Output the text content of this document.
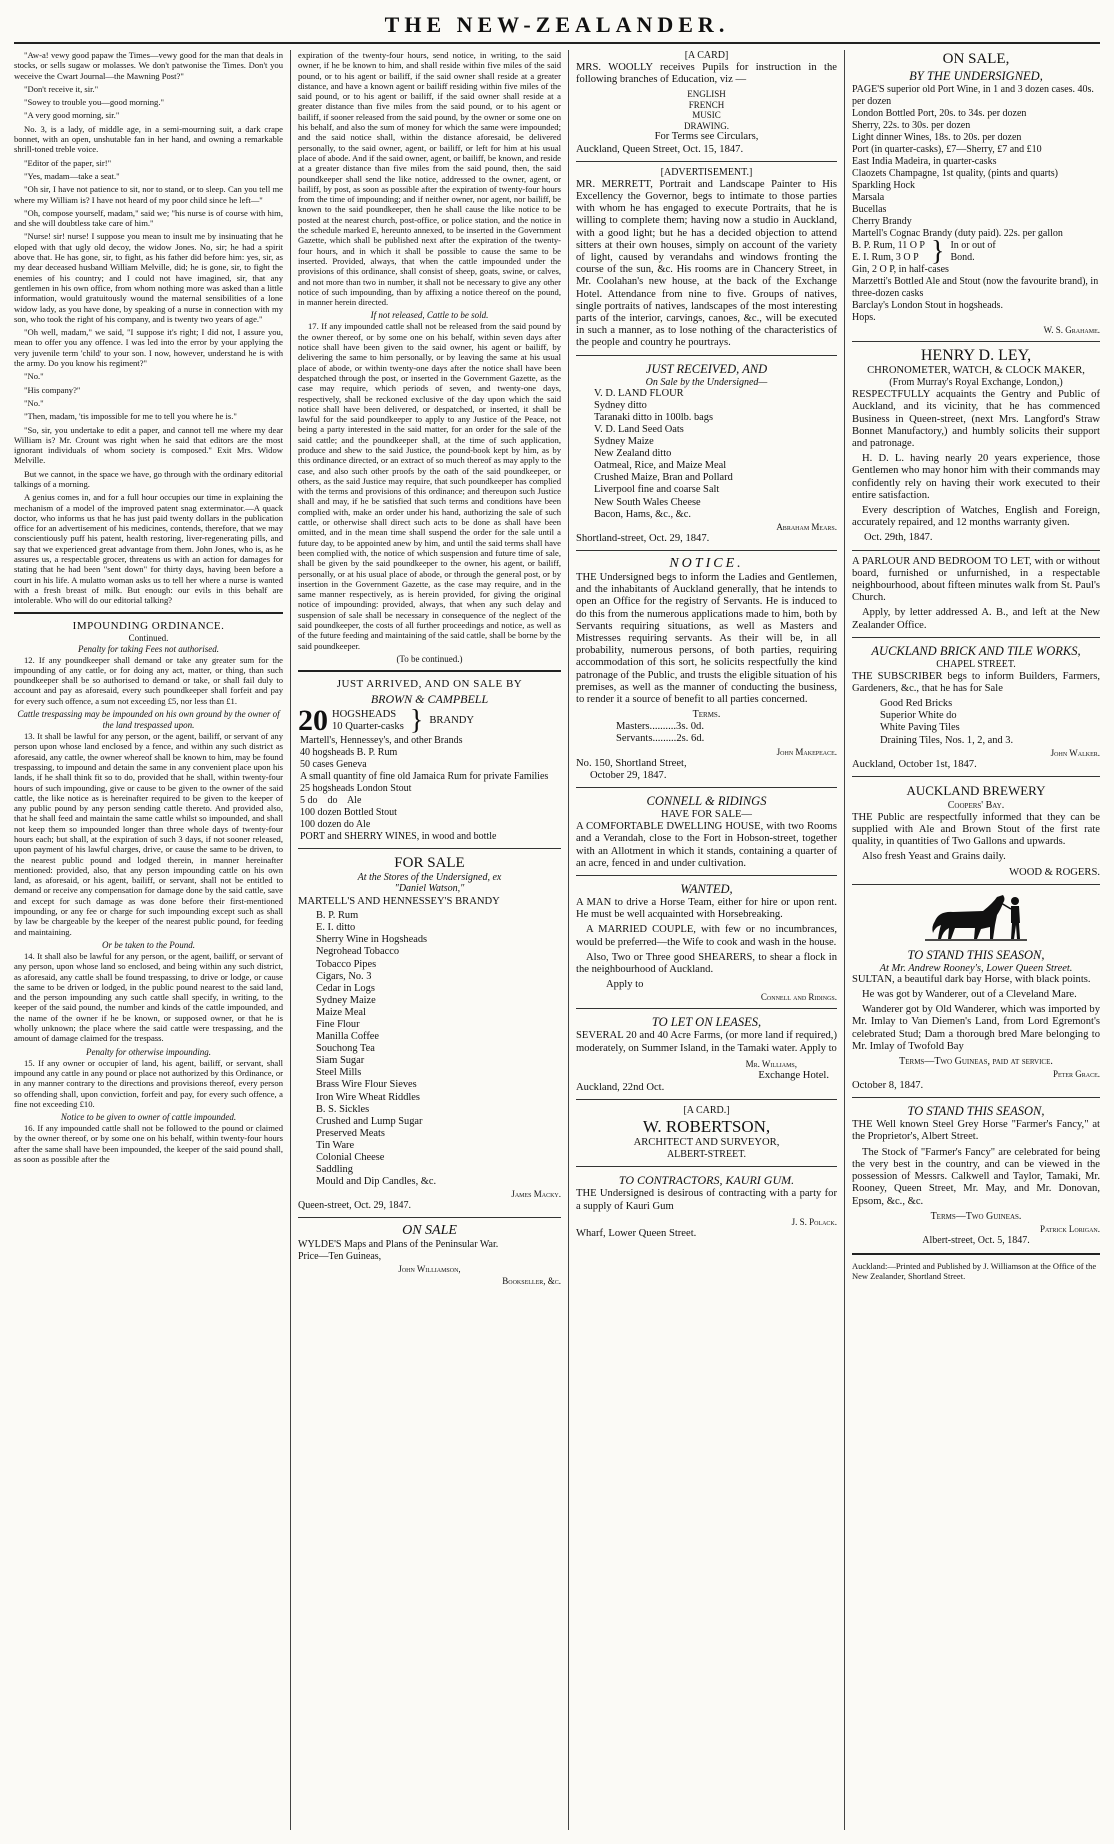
THE NEW-ZEALANDER.

"Aw-a! vewy good papaw the Times—vewy good for the man that deals in stocks, or sells sugaw or molasses. We don't patwonise the Times. Don't you weceive the Cwart Journal—the Mawning Post?"

"Don't receive it, sir."

"Sowey to trouble you—good morning."

"A very good morning, sir."

No. 3, is a lady, of middle age, in a semi-mourning suit, a dark crape bonnet, with an open, unshutable fan in her hand, and owning a remarkable shrill-toned treble voice.

"Editor of the paper, sir!"

"Yes, madam—take a seat."

"Oh sir, I have not patience to sit, nor to stand, or to sleep. Can you tell me where my William is? I have not heard of my poor child since he left—"

"Oh, compose yourself, madam," said we; "his nurse is of course with him, and she will doubtless take care of him."

"Nurse! sir! nurse! I suppose you mean to insult me by insinuating that he eloped with that ugly old decoy, the widow Jones. No, sir; he had a spirit above that. He has gone, sir, to fight, as his father did before him: yes, sir, as my dear deceased husband William Melville, did; he is gone, sir, to fight the enemies of his country; and I could not have imagined, sir, that any gentlemen in his own office, from whom nothing more was asked than a little information, would gratuitously wound the maternal sensibilities of a lone widow lady, as you have done, by speaking of a nurse in connection with my son, who took the right of his company, and is twenty two years of age."

"Oh well, madam," we said, "I suppose it's right; I did not, I assure you, mean to offer you any offence. I was led into the error by your applying the very juvenile term 'child' to your son. I now, however, understand he is with the army. Do you know his regiment?"

"No."

"His company?"

"No."

"Then, madam, 'tis impossible for me to tell you where he is."

"So, sir, you undertake to edit a paper, and cannot tell me where my dear William is? Mr. Crount was right when he said that editors are the most ignorant individuals of whom society is composed." Exit Mrs. Widow Melville.

But we cannot, in the space we have, go through with the ordinary editorial talkings of a morning.

A genius comes in, and for a full hour occupies our time in explaining the mechanism of a model of the improved patent snag exterminator.—A quack doctor, who informs us that he has just paid twenty dollars in the publication office for an advertisement of his medicines, contends, therefore, that we may conscientiously puff his patent, health restoring, liver-regenerating pills, and say that we experienced great advantage from them. John Jones, who is, as he assures us, a respectable grocer, threatens us with an action for damages for stating that he had been "sent down" for thirty days, having been before a court in his life. A mulatto woman asks us to tell her where a nurse is wanted with a fresh breast of milk. But enough: our evils in this behalf are intolerable. Who will do our editorial talking?

IMPOUNDING ORDINANCE.
Continued.
Penalty for taking Fees not authorised.

12. If any poundkeeper shall demand or take any greater sum for the impounding of any cattle, or for doing any act, matter, or thing, than such poundkeeper shall be so authorised to demand or take, or shall fail duly to account and pay as aforesaid, every such poundkeeper shall forfeit and pay for every such offence, a sum not exceeding £5, nor less than £1.

Cattle trespassing may be impounded on his own ground by the owner of the land trespassed upon.

13. It shall be lawful for any person, or the agent, bailiff, or servant of any person upon whose land enclosed by a fence, and within any such district as aforesaid, any cattle, the owner whereof shall be known to him, may be found trespassing, to impound and detain the same in any convenient place upon his lands, if he shall think fit so to do, provided that he shall, within twenty-four hours of such impounding, give or cause to be given to the owner of the said cattle, the like notice as is hereinafter required to be given to the keeper of any public pound by any person sending cattle thereto. And provided also, that he shall feed and maintain the same cattle whilst so impounded, and shall not keep them so impounded longer than three whole days of twenty-four hours each; but shall, at the expiration of such 3 days, if not sooner released, upon payment of his lawful charges, drive, or cause the same to be driven, to the nearest public pound and lodged therein, in manner hereinafter mentioned: provided, also, that any person impounding cattle on his own land, as aforesaid, or his agent, bailiff, or servant, shall not be entitled to demand or receive any compensation for damage done by the said cattle, save and except for such damage as was done before their first-mentioned impounding, or any fee or charge for such impounding except such as shall by law be chargeable by the keeper of the nearest public pound, for feeding and maintaining.

Or be taken to the Pound.

14. It shall also be lawful for any person, or the agent, bailiff, or servant of any person, upon whose land so enclosed, and being within any such district, as aforesaid, any cattle shall be found trespassing, to drive or lodge, or cause the same to be driven or lodged, in the public pound nearest to the said land, and the person impounding any such cattle shall specify, in writing, to the keeper of the said pound, the number and kinds of the cattle impounded, and the name of the owner if he be known, or supposed owner, or that he is wholly unknown; the place where the said cattle were trespassing, and the amount of damage claimed for the trespass.

Penalty for otherwise impounding.

15. If any owner or occupier of land, his agent, bailiff, or servant, shall impound any cattle in any pound or place not authorized by this Ordinance, or in any manner contrary to the directions and provisions thereof, every person so offending shall, upon conviction, forfeit and pay, for every such offence, a fine not exceeding £10.

Notice to be given to owner of cattle impounded.

16. If any impounded cattle shall not be followed to the pound or claimed by the owner thereof, or by some one on his behalf, within twenty-four hours after the same shall have been impounded, the keeper of the said pound shall, as soon as possible after the

expiration of the twenty-four hours, send notice, in writing, to the said owner, if he be known to him, and shall reside within five miles of the said pound, or to his agent or bailiff, if the said owner shall reside at a greater distance, and have a known agent or bailiff residing within five miles of the said pound, or to his agent or bailiff, if the said owner shall reside at a greater distance than five miles from the said pound, or to his agent or bailiff, if sooner released from the said pound, by the owner or some one on his behalf, and also the sum of money for which the same were impounded; and the said notice shall, within the distance aforesaid, be delivered personally, to the said owner, agent, or bailiff, or left for him at his usual place of abode. And if the said owner, agent, or bailiff, be known, and reside at a greater distance than five miles from the said pound, then, the said poundkeeper shall send the like notice, addressed to the owner, agent, or bailiff, by post, as soon as possible after the expiration of twenty-four hours from the time of impounding; and if neither owner, nor agent, nor bailiff, be known to the said poundkeeper, then he shall cause the like notice to be posted at the nearest church, post-office, or police station, and the notice in the schedule marked E, hereunto annexed, to be inserted in the Government Gazette, which shall be published next after the expiration of the twenty-four hours, and in which it shall be possible to cause the same to be inserted. Provided, always, that when the cattle impounded under the provisions of this ordinance, shall consist of sheep, goats, swine, or calves, and not more than two in number, it shall not be necessary to give any other notice of such impounding, than by affixing a notice thereof on the pound, in manner herein directed.

If not released, Cattle to be sold.

17. If any impounded cattle shall not be released from the said pound by the owner thereof, or by some one on his behalf, within seven days after notice shall have been given to the said owner, his agent or bailiff, by delivering the same to him personally, or by leaving the same at his usual place of abode, or within twenty-one days after the notice shall have been despatched through the post, or inserted in the Government Gazette, as the case may require, which periods of seven, and twenty-one days, respectively, shall be reckoned exclusive of the day upon which the said notice shall have been delivered, or despatched, or inserted, it shall be lawful for the said poundkeeper to apply to any Justice of the Peace, not being a party interested in the said matter, for an order for the sale of the said cattle; and the poundkeeper shall, at the time of such application, produce and shew to the said Justice, the pound-book kept by him, as by this ordinance directed, or an extract of so much thereof as may apply to the case, and also such other proofs by the oath of the said poundkeeper, or others, as the said Justice may require, that such poundkeeper has complied with the terms and provisions of this ordinance; and thereupon such Justice shall and may, if he be satisfied that such terms and conditions have been complied with, make an order under his hand, authorizing the sale of such cattle, or otherwise shall direct such acts to be done as shall have been omitted, and in the mean time shall suspend the order for the sale until a future day, to be appointed anew by him, and until the said terms shall have been complied with, the notice of which suspension and future time of sale, shall be given by the said poundkeeper to the owner, his agent, or bailiff, personally, or at his usual place of abode, or through the general post, or by insertion in the Government Gazette, as the case may require, and in the same manner respectively, as is herein provided, for giving the original notice of impounding: provided, always, that when any such delay and suspension of sale shall be necessary in consequence of the neglect of the said poundkeeper, the costs of all further proceedings and notice, as well as of the future feeding and maintaining of the said cattle, shall be borne by the said poundkeeper.

(To be continued.)
JUST ARRIVED, AND ON SALE BY
BROWN & CAMPBELL
20 HOGSHEADS
10 Quarter-casks } BRANDY
Martell's, Hennessey's, and other Brands
40 hogsheads B. P. Rum
50 cases Geneva
A small quantity of fine old Jamaica Rum for private Families
25 hogsheads London Stout
5 do    do    Ale
100 dozen Bottled Stout
100 dozen do Ale
PORT and SHERRY WINES, in wood and bottle
FOR SALE
At the Stores of the Undersigned, ex
"Daniel Watson,"
MARTELL'S AND HENNESSEY'S BRANDY
B. P. Rum
E. I. ditto
Sherry Wine in Hogsheads
Negrohead Tobacco
Tobacco Pipes
Cigars, No. 3
Cedar in Logs
Sydney Maize
Maize Meal
Fine Flour
Manilla Coffee
Souchong Tea
Siam Sugar
Steel Mills
Brass Wire Flour Sieves
Iron Wire Wheat Riddles
B. S. Sickles
Crushed and Lump Sugar
Preserved Meats
Tin Ware
Colonial Cheese
Saddling
Mould and Dip Candles, &c.
James Macky.
Queen-street, Oct. 29, 1847.
ON SALE
WYLDE'S Maps and Plans of the Peninsular War.
Price—Ten Guineas,
John Williamson,
Bookseller, &c.
[A CARD]

MRS. WOOLLY receives Pupils for instruction in the following branches of Education, viz —

ENGLISH
FRENCH
MUSIC
DRAWING.
For Terms see Circulars,
Auckland, Queen Street, Oct. 15, 1847.
[ADVERTISEMENT.]

MR. MERRETT, Portrait and Landscape Painter to His Excellency the Governor, begs to intimate to those parties with whom he has engaged to execute Portraits, that he is willing to complete them; having now a studio in Auckland, with a good light; but he has a decided objection to attend sitters at their own houses, simply on account of the variety of light, caused by verandahs and windows fronting the course of the sun, &c. His rooms are in Chancery Street, in Mr. Coolahan's new house, at the back of the Exchange Hotel. Attendance from nine to five. Groups of natives, single portraits of natives, landscapes of the most interesting parts of the interior, carvings, canoes, &c., will be executed in such a manner, as to lose nothing of the characteristics of the people and country he pourtrays.

JUST RECEIVED, AND
On Sale by the Undersigned—
V. D. LAND FLOUR
Sydney ditto
Taranaki ditto in 100lb. bags
V. D. Land Seed Oats
Sydney Maize
New Zealand ditto
Oatmeal, Rice, and Maize Meal
Crushed Maize, Bran and Pollard
Liverpool fine and coarse Salt
New South Wales Cheese
Bacon, Hams, &c., &c.
Abraham Mears.
Shortland-street, Oct. 29, 1847.
NOTICE.

THE Undersigned begs to inform the Ladies and Gentlemen, and the inhabitants of Auckland generally, that he intends to open an Office for the registry of Servants. He is induced to do this from the numerous applications made to him, both by Servants requiring situations, as well as Masters and Mistresses requiring servants. As their will be, in all probability, numerous persons, of both parties, requiring accommodation of this sort, he solicits respectfully the kind patronage of the Public, and trusts the eligible situation of his premises, as well as the manner of conducting the business, to render it a source of benefit to all parties concerned.

Terms.
Masters..........3s. 0d.
Servants.........2s. 6d.
John Makepeace.
No. 150, Shortland Street,
October 29, 1847.
CONNELL & RIDINGS
HAVE FOR SALE—

A COMFORTABLE DWELLING HOUSE, with two Rooms and a Verandah, close to the Fort in Hobson-street, together with an Allotment in which it stands, containing a quarter of an acre, fenced in and under cultivation.

WANTED,

A MAN to drive a Horse Team, either for hire or upon rent. He must be well acquainted with Horsebreaking.

A MARRIED COUPLE, with few or no incumbrances, would be preferred—the Wife to cook and wash in the house.

Also, Two or Three good SHEARERS, to shear a flock in the neighbourhood of Auckland.

Apply to
Connell and Ridings.
TO LET ON LEASES,

SEVERAL 20 and 40 Acre Farms, (or more land if required,) moderately, on Summer Island, in the Tamaki water. Apply to

Mr. Williams,
Exchange Hotel.
Auckland, 22nd Oct.
[A CARD.]
W. ROBERTSON,
ARCHITECT AND SURVEYOR,
ALBERT-STREET.
TO CONTRACTORS, KAURI GUM.

THE Undersigned is desirous of contracting with a party for a supply of Kauri Gum

J. S. Polack.
Wharf, Lower Queen Street.
ON SALE,
BY THE UNDERSIGNED,
PAGE'S superior old Port Wine, in 1 and 3 dozen cases. 40s. per dozen
London Bottled Port, 20s. to 34s. per dozen
Sherry, 22s. to 30s. per dozen
Light dinner Wines, 18s. to 20s. per dozen
Port (in quarter-casks), £7—Sherry, £7 and £10
East India Madeira, in quarter-casks
Claozets Champagne, 1st quality, (pints and quarts)
Sparkling Hock
Marsala
Bucellas
Cherry Brandy
Martell's Cognac Brandy (duty paid). 22s. per gallon
B. P. Rum, 11 O P
E. I. Rum, 3 O P } In or out of
Bond.
Gin, 2 O P, in half-cases
Marzetti's Bottled Ale and Stout (now the favourite brand), in three-dozen casks
Barclay's London Stout in hogsheads.
Hops.
W. S. Grahame.
HENRY D. LEY,
CHRONOMETER, WATCH, & CLOCK MAKER,
(From Murray's Royal Exchange, London,)

RESPECTFULLY acquaints the Gentry and Public of Auckland, and its vicinity, that he has commenced Business in Queen-street, (next Mrs. Langford's Straw Bonnet Manufactory,) and humbly solicits their support and patronage.

H. D. L. having nearly 20 years experience, those Gentlemen who may honor him with their commands may confidently rely on having their work executed to their entire satisfaction.

Every description of Watches, English and Foreign, accurately repaired, and 12 months warranty given.

Oct. 29th, 1847.

A PARLOUR AND BEDROOM TO LET, with or without board, furnished or unfurnished, in a respectable neighbourhood, about fifteen minutes walk from St. Paul's Church.

Apply, by letter addressed A. B., and left at the New Zealander Office.

AUCKLAND BRICK AND TILE WORKS,
CHAPEL STREET.

THE SUBSCRIBER begs to inform Builders, Farmers, Gardeners, &c., that he has for Sale

Good Red Bricks
Superior White do
White Paving Tiles
Draining Tiles, Nos. 1, 2, and 3.
John Walker.
Auckland, October 1st, 1847.
AUCKLAND BREWERY
Coopers' Bay.

THE Public are respectfully informed that they can be supplied with Ale and Brown Stout of the first rate quality, in quantities of Two Gallons and upwards.

Also fresh Yeast and Grains daily.

WOOD & ROGERS.
TO STAND THIS SEASON,
At Mr. Andrew Rooney's, Lower Queen Street.

SULTAN, a beautiful dark bay Horse, with black points.

He was got by Wanderer, out of a Cleveland Mare.

Wanderer got by Old Wanderer, which was imported by Mr. Imlay to Van Diemen's Land, from Lord Egremont's celebrated Stud; Dam a thorough bred Mare belonging to Mr. Imlay of Twofold Bay

Terms—Two Guineas, paid at service.
Peter Grace.
October 8, 1847.
TO STAND THIS SEASON,

THE Well known Steel Grey Horse "Farmer's Fancy," at the Proprietor's, Albert Street.

The Stock of "Farmer's Fancy" are celebrated for being the very best in the country, and can be viewed in the possession of Messrs. Calkwell and Taylor, Tamaki, Mr. Rooney, Queen Street, Mr. May, and Mr. Donovan, Epsom, &c., &c.

Terms—Two Guineas.
Patrick Lorigan.
Albert-street, Oct. 5, 1847.
Auckland:—Printed and Published by J. Williamson at the Office of the New Zealander, Shortland Street.
